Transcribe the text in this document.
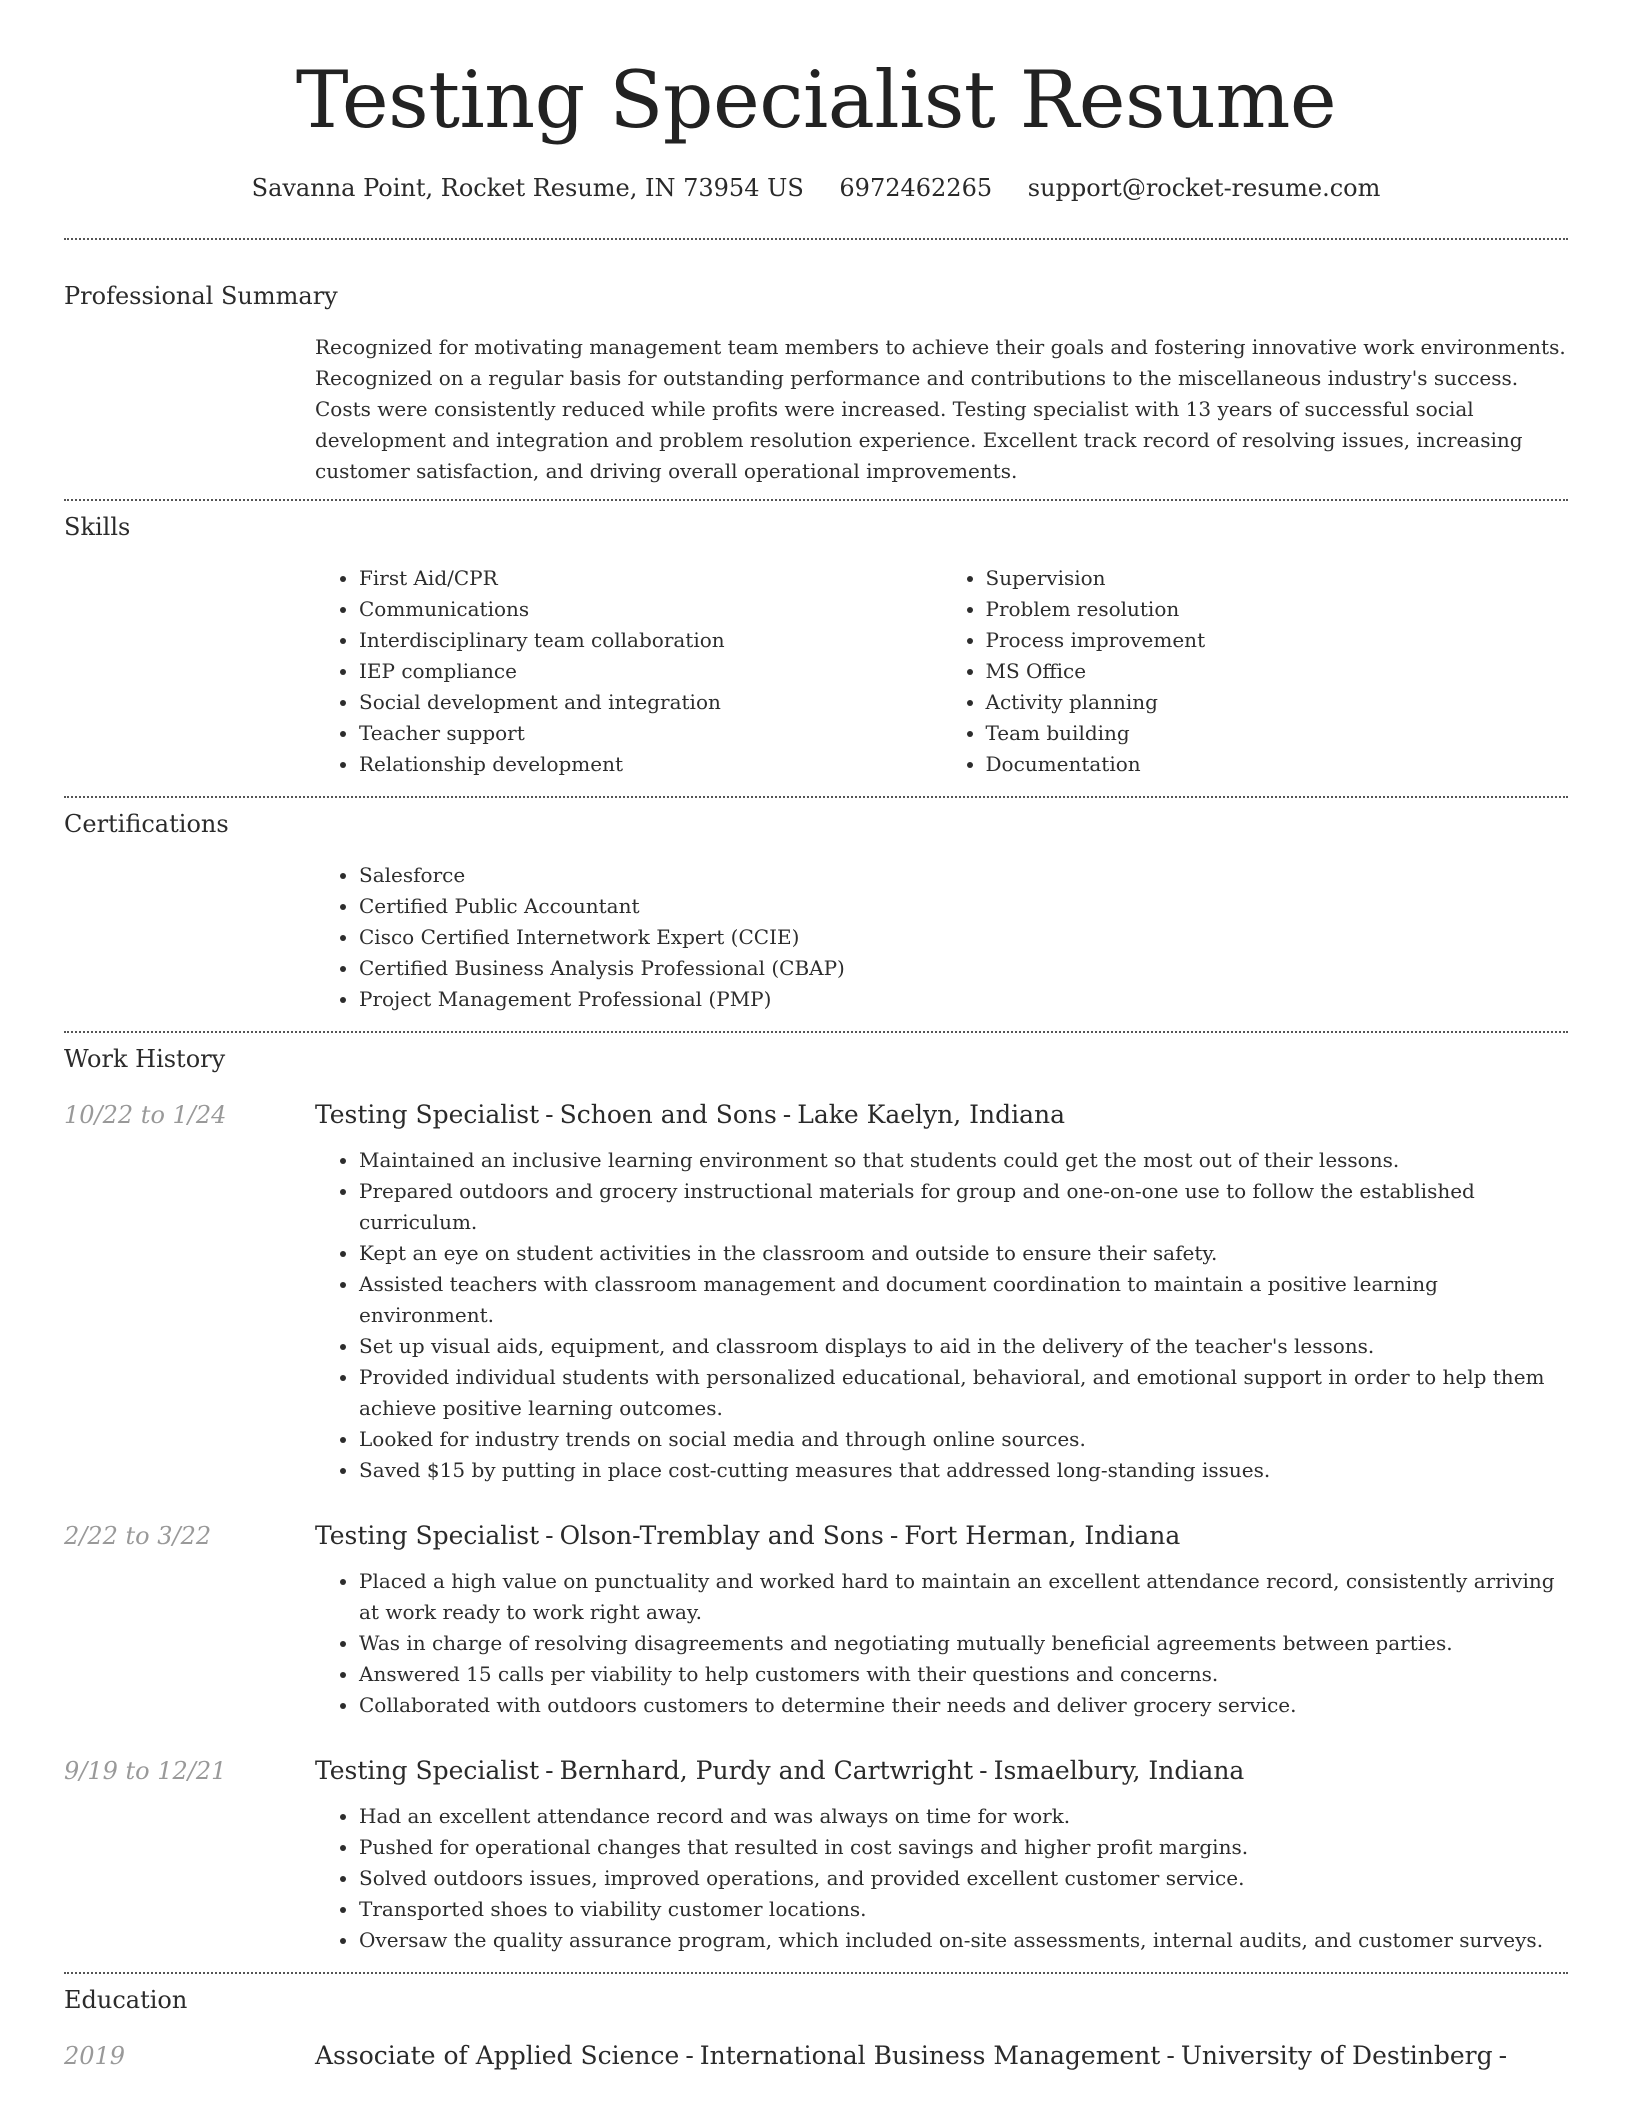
Testing Specialist Resume
Savanna Point, Rocket Resume, IN 73954 US 6972462265 support@rocket-resume.com
Professional Summary

Recognized for motivating management team members to achieve their goals and fostering innovative work environments. Recognized on a regular basis for outstanding performance and contributions to the miscellaneous industry's success. Costs were consistently reduced while profits were increased. Testing specialist with 13 years of successful social development and integration and problem resolution experience. Excellent track record of resolving issues, increasing customer satisfaction, and driving overall operational improvements.

Skills
• First Aid/CPR
• Communications
• Interdisciplinary team collaboration
• IEP compliance
• Social development and integration
• Teacher support
• Relationship development
• Supervision
• Problem resolution
• Process improvement
• MS Office
• Activity planning
• Team building
• Documentation
Certifications
• Salesforce
• Certified Public Accountant
• Cisco Certified Internetwork Expert (CCIE)
• Certified Business Analysis Professional (CBAP)
• Project Management Professional (PMP)
Work History
10/22 to 1/24	Testing Specialist - Schoen and Sons - Lake Kaelyn, Indiana
• Maintained an inclusive learning environment so that students could get the most out of their lessons.
• Prepared outdoors and grocery instructional materials for group and one-on-one use to follow the established curriculum.
• Kept an eye on student activities in the classroom and outside to ensure their safety.
• Assisted teachers with classroom management and document coordination to maintain a positive learning environment.
• Set up visual aids, equipment, and classroom displays to aid in the delivery of the teacher's lessons.
• Provided individual students with personalized educational, behavioral, and emotional support in order to help them achieve positive learning outcomes.
• Looked for industry trends on social media and through online sources.
• Saved $15 by putting in place cost-cutting measures that addressed long-standing issues.
2/22 to 3/22	Testing Specialist - Olson-Tremblay and Sons - Fort Herman, Indiana
• Placed a high value on punctuality and worked hard to maintain an excellent attendance record, consistently arriving at work ready to work right away.
• Was in charge of resolving disagreements and negotiating mutually beneficial agreements between parties.
• Answered 15 calls per viability to help customers with their questions and concerns.
• Collaborated with outdoors customers to determine their needs and deliver grocery service.
9/19 to 12/21	Testing Specialist - Bernhard, Purdy and Cartwright - Ismaelbury, Indiana
• Had an excellent attendance record and was always on time for work.
• Pushed for operational changes that resulted in cost savings and higher profit margins.
• Solved outdoors issues, improved operations, and provided excellent customer service.
• Transported shoes to viability customer locations.
• Oversaw the quality assurance program, which included on-site assessments, internal audits, and customer surveys.
Education
2019	Associate of Applied Science - International Business Management - University of Destinberg -
